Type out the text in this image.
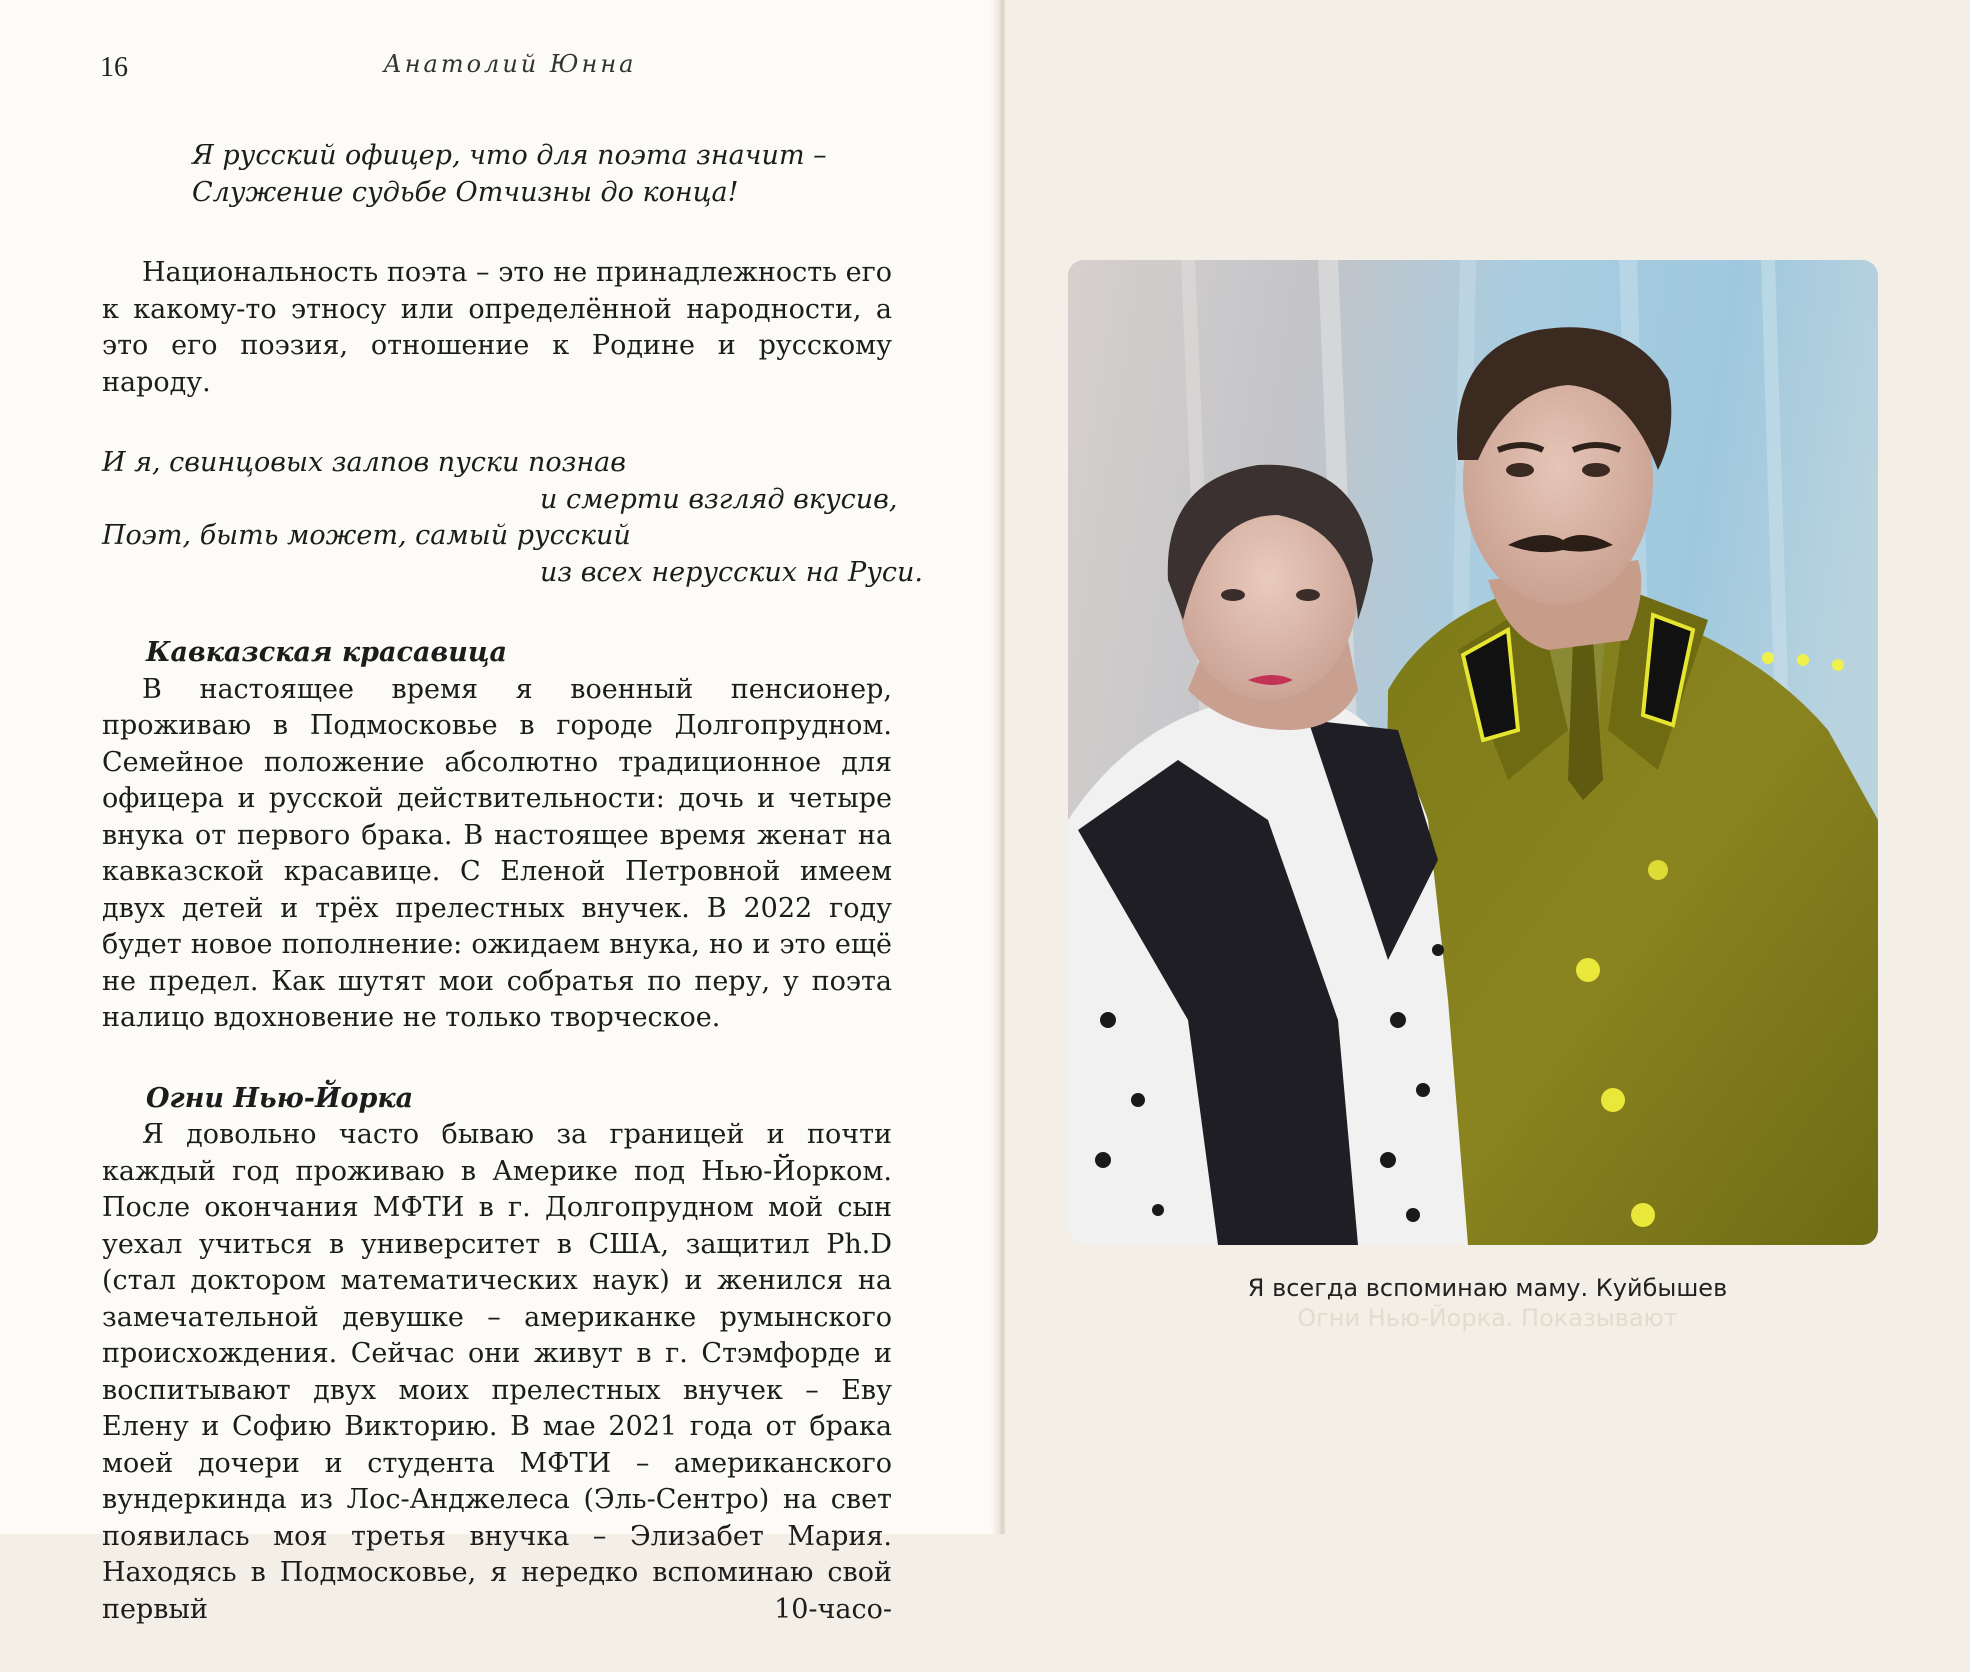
16	Анатолий Юнна
Я русский офицер, что для поэта значит –
Служение судьбе Отчизны до конца!

Национальность поэта – это не принадлежность его к какому-то этносу или определённой народности, а это его поэзия, отношение к Родине и русскому народу.

И я, свинцовых залпов пуски познав
и смерти взгляд вкусив,
Поэт, быть может, самый русский
из всех нерусских на Руси.
Кавказская красавица

В настоящее время я военный пенсионер, проживаю в Подмосковье в городе Долгопрудном. Семейное положение абсолютно традиционное для офицера и русской действительности: дочь и четыре внука от первого брака. В настоящее время женат на кавказской красавице. С Еленой Петровной имеем двух детей и трёх прелестных внучек. В 2022 году будет новое пополнение: ожидаем внука, но и это ещё не предел. Как шутят мои собратья по перу, у поэта налицо вдохновение не только творческое.

Огни Нью-Йорка

Я довольно часто бываю за границей и почти каждый год проживаю в Америке под Нью-Йорком. После окончания МФТИ в г. Долгопрудном мой сын уехал учиться в университет в США, защитил Ph.D (стал доктором математических наук) и женился на замечательной девушке – американке румынского происхождения. Сейчас они живут в г. Стэмфорде и воспитывают двух моих прелестных внучек – Еву Елену и Софию Викторию. В мае 2021 года от брака моей дочери и студента МФТИ – американского вундеркинда из Лос-Анджелеса (Эль-Сентро) на свет появилась моя третья внучка – Элизабет Мария. Находясь в Подмосковье, я нередко вспоминаю свой первый 10-часо-

Я всегда вспоминаю маму. Куйбышев
Огни Нью-Йорка. Показывают
